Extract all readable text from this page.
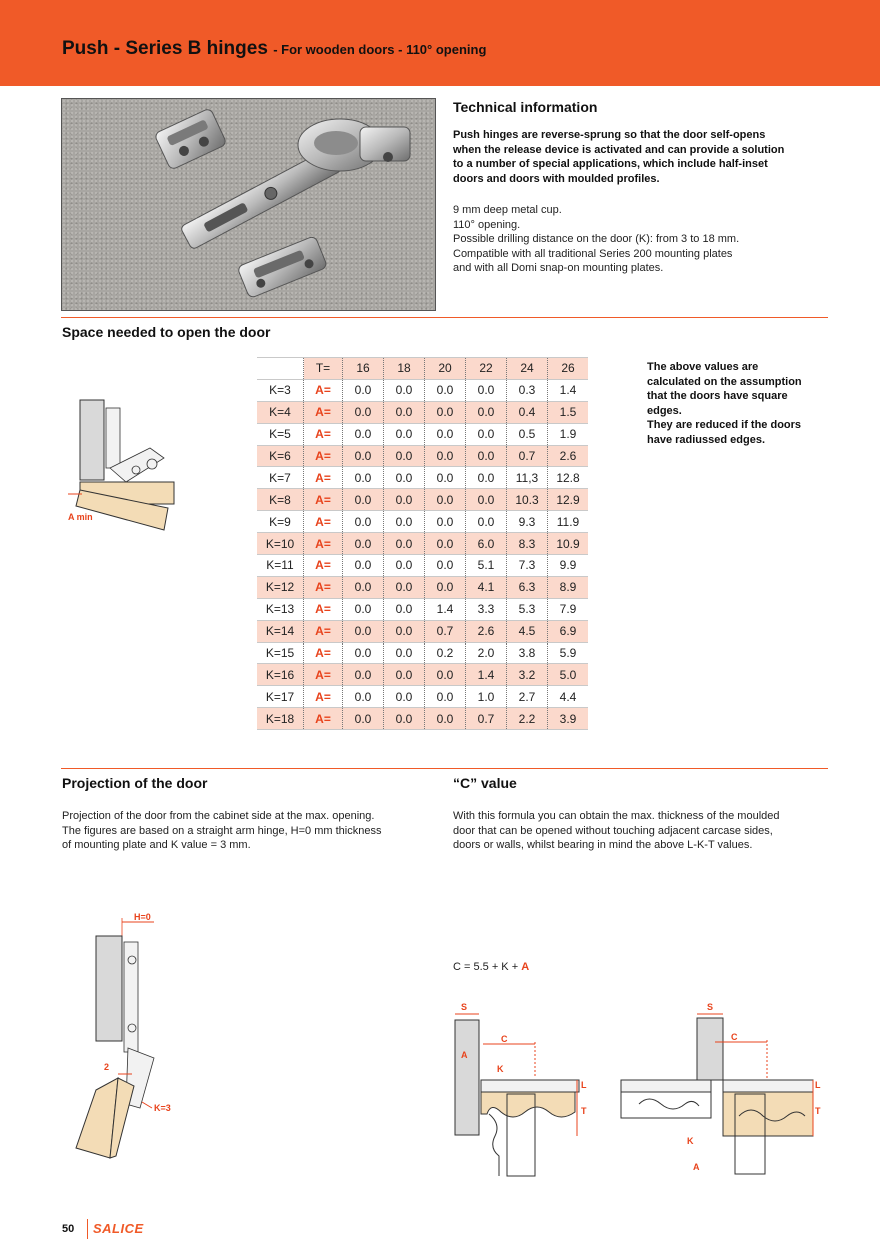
Push - Series B hinges - For wooden doors - 110° opening
Technical information
Push hinges are reverse-sprung so that the door self-opens
when the release device is activated and can provide a solution
to a number of special applications, which include half-inset
doors and doors with moulded profiles.
9 mm deep metal cup.
110° opening.
Possible drilling distance on the door (K): from 3 to 18 mm.
Compatible with all traditional Series 200 mounting plates
and with all Domi snap-on mounting plates.
Space needed to open the door
A min
	T=	16	18	20	22	24	26
K=3	A=	0.0	0.0	0.0	0.0	0.3	1.4
K=4	A=	0.0	0.0	0.0	0.0	0.4	1.5
K=5	A=	0.0	0.0	0.0	0.0	0.5	1.9
K=6	A=	0.0	0.0	0.0	0.0	0.7	2.6
K=7	A=	0.0	0.0	0.0	0.0	11,3	12.8
K=8	A=	0.0	0.0	0.0	0.0	10.3	12.9
K=9	A=	0.0	0.0	0.0	0.0	9.3	11.9
K=10	A=	0.0	0.0	0.0	6.0	8.3	10.9
K=11	A=	0.0	0.0	0.0	5.1	7.3	9.9
K=12	A=	0.0	0.0	0.0	4.1	6.3	8.9
K=13	A=	0.0	0.0	1.4	3.3	5.3	7.9
K=14	A=	0.0	0.0	0.7	2.6	4.5	6.9
K=15	A=	0.0	0.0	0.2	2.0	3.8	5.9
K=16	A=	0.0	0.0	0.0	1.4	3.2	5.0
K=17	A=	0.0	0.0	0.0	1.0	2.7	4.4
K=18	A=	0.0	0.0	0.0	0.7	2.2	3.9
The above values are
calculated on the assumption
that the doors have square
edges.
They are reduced if the doors
have radiussed edges.
Projection of the door
Projection of the door from the cabinet side at the max. opening.
The figures are based on a straight arm hinge, H=0 mm thickness
of mounting plate and K value = 3 mm.
H=0
2
K=3
“C” value
With this formula you can obtain the max. thickness of the moulded
door that can be opened without touching adjacent carcase sides,
doors or walls, whilst bearing in mind the above L-K-T values.
C = 5.5 + K + A
S
C
A
K
L
T
S
C
K
A
L
T
50 SALICE
